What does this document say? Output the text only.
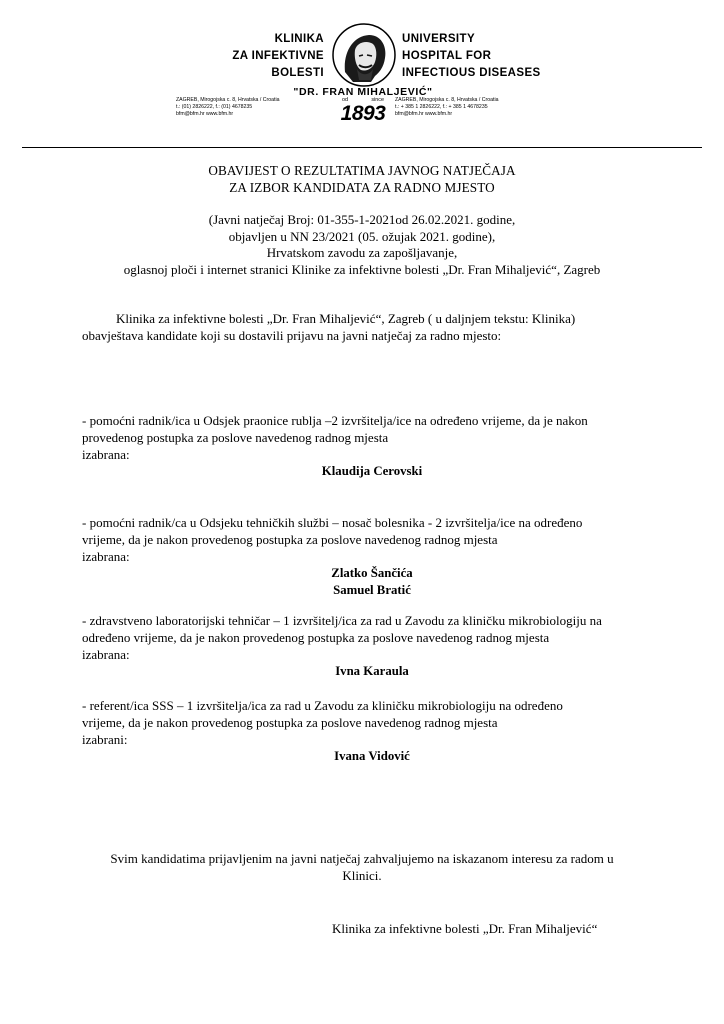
KLINIKA
ZA INFEKTIVNE
BOLESTI
UNIVERSITY
HOSPITAL FOR
INFECTIOUS DISEASES
"DR. FRAN MIHALJEVIĆ"
ZAGREB, Mirogojska c. 8, Hrvatska / Croatia
t.: (01) 2826222, f.: (01) 4678235
bfm@bfm.hr www.bfm.hr
od	since
1893
ZAGREB, Mirogojska c. 8, Hrvatska / Croatia
t.: + 385 1 2826222, f.: + 385 1 4678235
bfm@bfm.hr www.bfm.hr
OBAVIJEST O REZULTATIMA JAVNOG NATJEČAJA
ZA IZBOR KANDIDATA ZA RADNO MJESTO
(Javni natječaj Broj: 01-355-1-2021od 26.02.2021. godine,
objavljen u NN 23/2021 (05. ožujak 2021. godine),
Hrvatskom zavodu za zapošljavanje,
oglasnoj ploči i internet stranici Klinike za infektivne bolesti „Dr. Fran Mihaljević“, Zagreb
Klinika za infektivne bolesti „Dr. Fran Mihaljević“, Zagreb ( u daljnjem tekstu: Klinika)
obavještava kandidate koji su dostavili prijavu na javni natječaj za radno mjesto:
- pomoćni radnik/ica u Odsjek praonice rublja –2 izvršitelja/ice na određeno vrijeme, da je nakon
provedenog postupka za poslove navedenog radnog mjesta
izabrana:
Klaudija Cerovski
- pomoćni radnik/ca u Odsjeku tehničkih službi – nosač bolesnika - 2 izvršitelja/ice na određeno
vrijeme, da je nakon provedenog postupka za poslove navedenog radnog mjesta
izabrana:
Zlatko Šančića
Samuel Bratić
- zdravstveno laboratorijski tehničar – 1 izvršitelj/ica za rad u Zavodu za kliničku mikrobiologiju na
određeno vrijeme, da je nakon provedenog postupka za poslove navedenog radnog mjesta
izabrana:
Ivna Karaula
- referent/ica SSS – 1 izvršitelja/ica za rad u Zavodu za kliničku mikrobiologiju na određeno
vrijeme, da je nakon provedenog postupka za poslove navedenog radnog mjesta
izabrani:
Ivana Vidović
Svim kandidatima prijavljenim na javni natječaj zahvaljujemo na iskazanom interesu za radom u
Klinici.
Klinika za infektivne bolesti „Dr. Fran Mihaljević“
